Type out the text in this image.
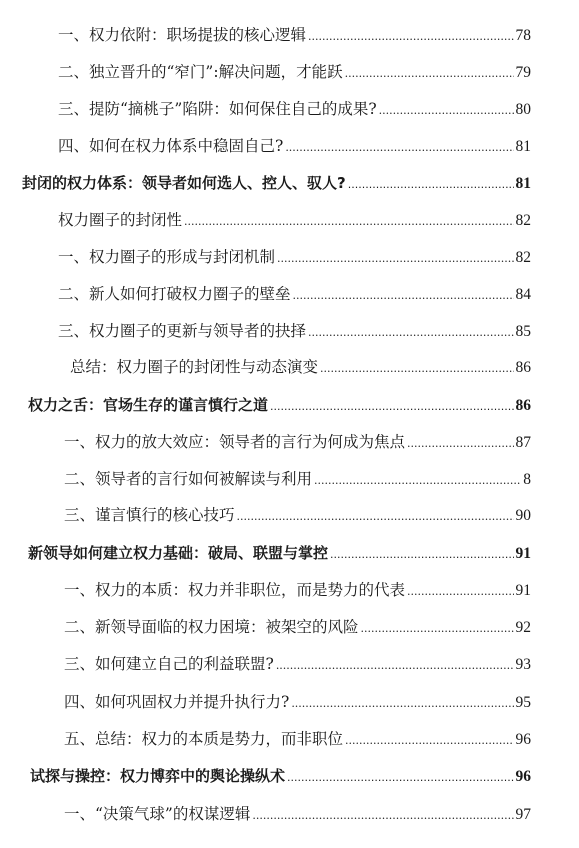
一、权力依附：职场提拔的核心逻辑 .....	78
二、独立晋升的“窄门”:解决问题，才能跃 .....	79
三、提防“摘桃子”陷阱：如何保住自己的成果? .....	80
四、如何在权力体系中稳固自己? .....	81
封闭的权力体系：领导者如何选人、控人、驭人? .....	81
权力圈子的封闭性 .....	82
一、权力圈子的形成与封闭机制 .....	82
二、新人如何打破权力圈子的壁垒 .....	84
三、权力圈子的更新与领导者的抉择 .....	85
总结：权力圈子的封闭性与动态演变 .....	86
权力之舌：官场生存的谨言慎行之道 .....	86
一、权力的放大效应：领导者的言行为何成为焦点 .....	87
二、领导者的言行如何被解读与利用 .....	8
三、谨言慎行的核心技巧 .....	90
新领导如何建立权力基础：破局、联盟与掌控 .....	91
一、权力的本质：权力并非职位，而是势力的代表 .....	91
二、新领导面临的权力困境：被架空的风险 .....	92
三、如何建立自己的利益联盟? .....	93
四、如何巩固权力并提升执行力? .....	95
五、总结：权力的本质是势力，而非职位 .....	96
试探与操控：权力博弈中的舆论操纵术 .....	96
一、“决策气球”的权谋逻辑 .....	97
